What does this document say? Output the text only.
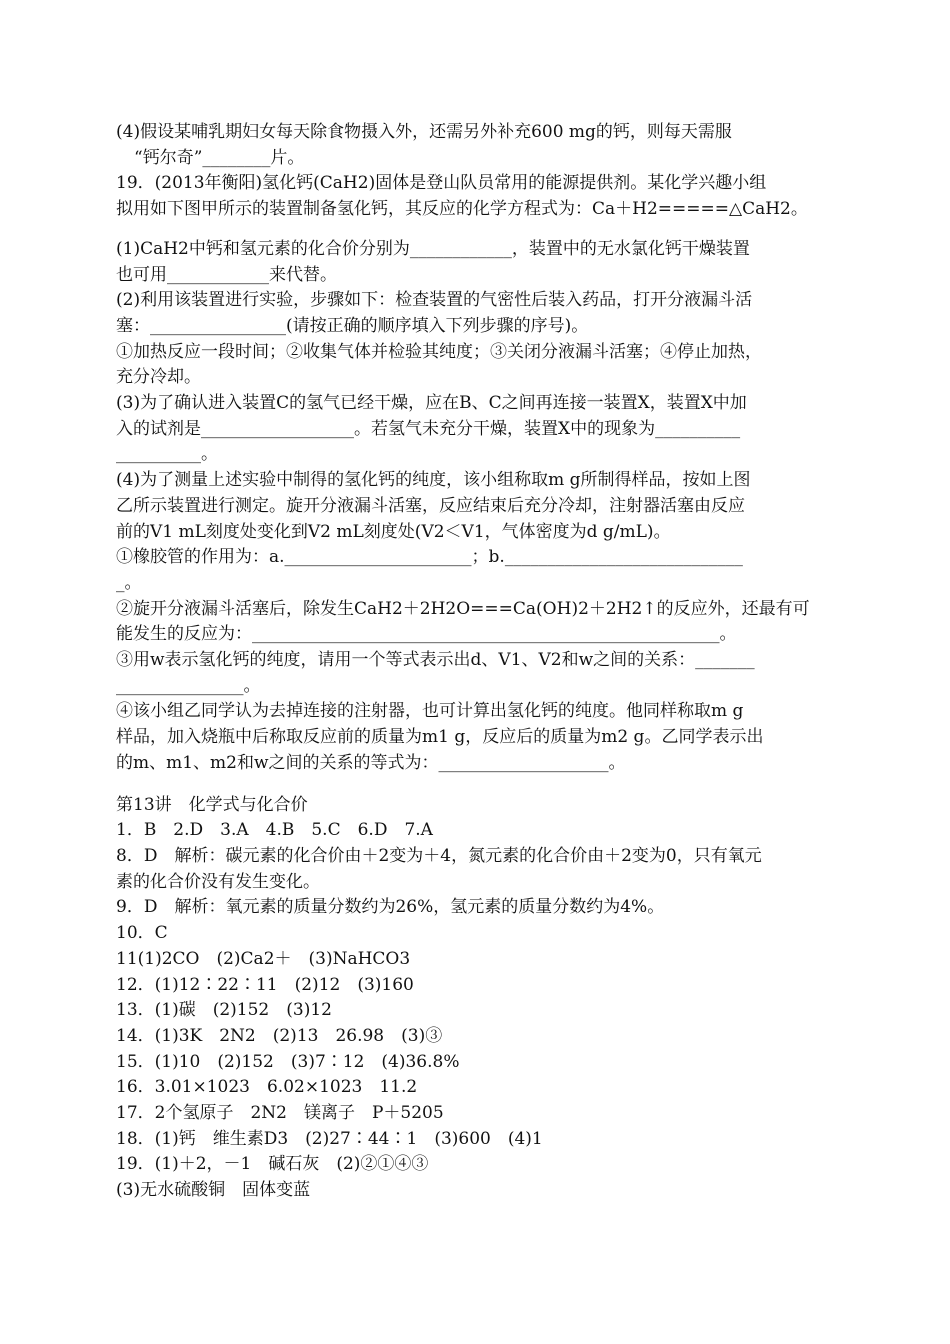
(4)假设某哺乳期妇女每天除食物摄入外，还需另外补充600 mg的钙，则每天需服

“钙尔奇”________片。

19．(2013年衡阳)氢化钙(CaH2)固体是登山队员常用的能源提供剂。某化学兴趣小组

拟用如下图甲所示的装置制备氢化钙，其反应的化学方程式为：Ca＋H2=====△CaH2。

(1)CaH2中钙和氢元素的化合价分别为____________，装置中的无水氯化钙干燥装置

也可用____________来代替。

(2)利用该装置进行实验，步骤如下：检查装置的气密性后装入药品，打开分液漏斗活

塞：________________(请按正确的顺序填入下列步骤的序号)。

①加热反应一段时间；②收集气体并检验其纯度；③关闭分液漏斗活塞；④停止加热，

充分冷却。

(3)为了确认进入装置C的氢气已经干燥，应在B、C之间再连接一装置X，装置X中加

入的试剂是__________________。若氢气未充分干燥，装置X中的现象为__________

__________。

(4)为了测量上述实验中制得的氢化钙的纯度，该小组称取m g所制得样品，按如上图

乙所示装置进行测定。旋开分液漏斗活塞，反应结束后充分冷却，注射器活塞由反应

前的V1 mL刻度处变化到V2 mL刻度处(V2＜V1，气体密度为d g/mL)。

①橡胶管的作用为：a.______________________；b.____________________________

_。

②旋开分液漏斗活塞后，除发生CaH2＋2H2O===Ca(OH)2＋2H2↑的反应外，还最有可

能发生的反应为：_______________________________________________________。

③用w表示氢化钙的纯度，请用一个等式表示出d、V1、V2和w之间的关系：_______

_______________。

④该小组乙同学认为去掉连接的注射器，也可计算出氢化钙的纯度。他同样称取m g

样品，加入烧瓶中后称取反应前的质量为m1 g，反应后的质量为m2 g。乙同学表示出

的m、m1、m2和w之间的关系的等式为：____________________。

第13讲　化学式与化合价

1．B　2.D　3.A　4.B　5.C　6.D　7.A

8．D　解析：碳元素的化合价由＋2变为＋4，氮元素的化合价由＋2变为0，只有氧元

素的化合价没有发生变化。

9．D　解析：氧元素的质量分数约为26%，氢元素的质量分数约为4%。

10．C

11(1)2CO　(2)Ca2＋　(3)NaHCO3

12．(1)12∶22∶11　(2)12　(3)160

13．(1)碳　(2)152　(3)12

14．(1)3K　2N2　(2)13　26.98　(3)③

15．(1)10　(2)152　(3)7∶12　(4)36.8%

16．3.01×1023　6.02×1023　11.2

17．2个氢原子　2N2　镁离子　P＋5205

18．(1)钙　维生素D3　(2)27∶44∶1　(3)600　(4)1

19．(1)＋2，－1　碱石灰　(2)②①④③

(3)无水硫酸铜　固体变蓝
